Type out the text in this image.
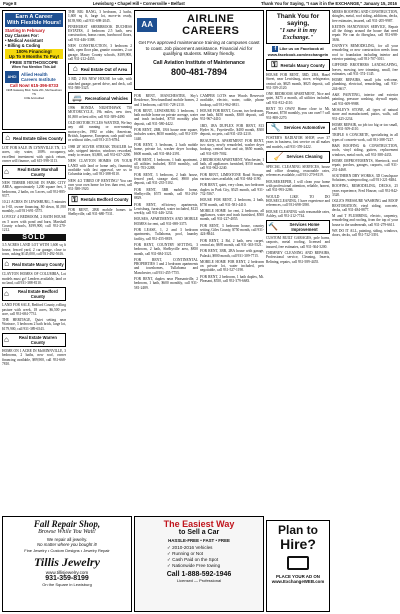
Page 8	Lewisburg • Chapel Hill • Cornersville • Belfast	Thank You for Saying, "I saw it in the EXCHANGE," January 15, 2016
Earn A Career
With Flexible Hours!
Starting In February
Day Classes For:
• Medical Assistant
• Billing & Coding
100% Financing!
Up To 9 Months To Pay!
FREE STETHOSCOPE
When You Mention This Ad!
AHCI Allied Health
Careers Institute
Call Now! 615-396-8733
1908 Gateway Blvd. Suite 201, Murfreesboro TN
COE Accredited
⌂ Real Estate Giles County

LOT FOR SALE IN LYNNVILLE TN, 1.3 acres, city water, 100% occupancy, excellent investment with quick return, owner will finance, call 615-598-3113.

⌂	Real Estate Marshall County

NEW TIMBER HOUSE IN PARK CITY AREA, approximately 1,200 square feet, 3 bedrooms, 2 baths, on 3 acres, call 931-885-9377.

10.21 ACRES IN LEWISBURG, 5 minutes to I-65, owner financing, $0 down, $1,950 monthly, call 931-691-3575.

LOVELY 4 BEDROOM, 2 BATH HOUSE on 5 acres with pond and barn, Marshall County schools, $199,900, call 931-270-1212.

SOLD

3.5 ACRES LAND LOT WITH 1,600 sq ft house, fenced yard, 2 car garage, close to town, asking $145,000, call 931-492-5616.

⌂ Real Estate Maury County

CLAYTON HOMES OF COLUMBIA, Lot models must go! Lenders available, land or no land, call 931-388-8110.

⌂	Real Estate Bedford County

LAND FOR SALE, Bedford County, rolling pasture with creek, 18 acres, $6,500 per acre, call 931-684-7731.

THE HERITAGE, Quiet setting near Wartrace, 3 bedroom 2 bath brick, large lot, $179,900, call 931-389-6543.

⌂	Real Estate Warren County

HOME ON 1 ACRE IN McMINNVILLE, 3 bedrooms, 2 baths, new roof, owner financing available, $89,900, call 931-668-7810.

THE BIG BANG, 3 bedroom, 2 baths, 1,600 sq ft, large lot, move-in ready, $139,900, call 931-698-2045.

PINEHURST SHERBROOK DUCHESS ESTATES, 4 bedroom 2.5 bath, new construction, bonus room, hardwood floors, call 931-446-3388.

NEW CONSTRUCTION, 3 bedroom 2 bath, open floor plan, granite counters, 2 car garage, Maury County schools, $189,900, call 931-212-4455.

⌂ Real Estate Out of Area

3 BD, 2 BA NEW HOUSE for sale, with attached garage, paved drive, and deck, call 931-580-3325.

🚐 Recreational Vehicles

1996 HONDA NIGHTHAWK 750 MOTORCYCLE, 19k miles, new tires, $1,800 or best offer, call 931-389-4490.

OLD MOTORCYCLES WANTED, We buy any old running or non-running motorcycles, 1982 or older, American, British, Japanese, European, cash paid with or without titles, call 931-215-6784.

1988 28' SILVER STREAK TRAILER for sale, stripped interior, windows reworked, ready to restore, $3,800, call 931-637-2290.

NEW CLAYTON HOMES ON YOUR LAND with land or home only, financing available with fast approval, see us in Columbia today, call 931-388-8110.

NEW 4/2 TIRED OF RENTING? You can own your own home for less than rent, call 931-388-1920.

⚿ Rentals Bedford County

FOR RENT, 2BR mobile homes in Shelbyville, call 931-680-7531.

AA	AIRLINE CAREERS
Get FAA approved maintenance training at campuses coast to coast. Job placement assistance. Financial Aid for qualifying students. Military friendly.
Call Aviation Institute of Maintenance
800-481-7894

FOR RENT, MANCHESTER, Shy's Residence, Newfoundland mobile homes, 2 and 3 bedroom, call 931-728-2110.

FOR RENT, LEWISBURG 3 bedroom, 1 bath mobile home on private acreage, water and trash included, $750 monthly plus deposit, call 931-580-4422.

FOR RENT, 2BR, 1BA house near square, includes water, $650 monthly, call 931-359-1440.

FOR RENT, 3 bedroom, 2 bath mobile home, private lot, washer dryer hookup, $600 month, call 931-684-2391.

FOR RENT, 1 bedroom, 1 bath apartment, all utilities included, $550 monthly, call 931-703-2288.

FOR RENT, 3 bedroom, 2 bath house, fenced yard, storage shed, $900 plus deposit, call 931-235-5102.

FOR RENT, 3BR mobile home, Shelbyville, $575 month, call 931-294-8829.

FOR RENT, efficiency apartments, Lewisburg, furnished, water included, $125 weekly, call 931-446-1234.

HOUSES, APARTMENTS AND MOBILE HOMES for rent, call 931-698-3375.

FOR LEASE, 1, 2 and 3 bedroom apartments, Tullahoma, pool, laundry facility, call 931-455-8819.

FOR RENT, COUNTRY SETTING, 3 bedroom, 2 bath, Shelbyville area, $850 month, call 931-684-3321.

FOR RENT, CONTINENTAL PROPERTIES 1 and 2 bedroom apartments and townhomes, Tullahoma and Manchester, call 931-455-7755.

FOR RENT, duplex near Pleasantville, 2 bedroom, 1 bath, $600 monthly, call 931-581-2489.

CAMPER LOTS near Woods Reservoir available, electric, water, cable, phone hookup, call 931-962-0811.

HOUSE FOR RENT, Cowan, two bedroom, one bath, $450 month, $300 deposit, call 931-967-4410.

1BD, 1BA DUPLEX FOR RENT, 813 Hyder St., Fayetteville, $400 month, $300 deposit, no pets, call 931-433-2210.

BEAUTIFUL APARTMENT FOR RENT, two story, newly remodeled, washer dryer hookup, central heat and air, $650 month, call 931-639-7002.

2 BEDROOM APARTMENT, Winchester, 1 bath, all appliances furnished, $550 month, call 931-962-2240.

FOR RENT, LIMESTONE Road Storage, various sizes available, call 931-684-1190.

FOR RENT, quiet, very clean, two bedroom duplex in Park City, $525 month, call 931-732-5567.

HOUSE FOR RENT, 2 bedroom, 2 bath, $750 month, call 931-581-4410.

MOBILE HOME for rent, 2 bedroom, all appliances, water and trash furnished, $500 month, call 931-227-4055.

FOR RENT, 3 bedroom house, country setting, Giles County, $750 month, call 931-424-8844.

FOR RENT, 2 Bd, 2 bath, new carpet, central air, $695 month, call 931-363-5521.

FOR RENT, 3BR, 2BA house with garage, Pulaski, $800 month, call 931-309-7715.

MOBILE HOME FOR RENT, 2 bedroom on private lot, water included, pets negotiable, call 931-527-1190.

FOR RENT, 2 bedroom, 1 bath duplex, Mt. Pleasant, $550, call 931-379-6683.

Fall Repair Shop,
Browse While You Wait!
We repair all jewelry.
No matter where you bought it!
Fine Jewelry • Custom Designs • Jewelry Repair
Tillis Jewelry
www.tillisjewelry.com
931-359-8199
On the Square in Lewisburg
The Easiest Way
to Sell a Car
HASSLE-FREE • FAST • FREE
✓ 2010-2016 Vehicles
✓ Running or Not
✓ Cash Paid on the Spot
✓ Nationwide Free towing
Call 1-888-592-1946
Licensed — Professional
Thank You for saying,
"I saw it in my Exchange."
f Like us on Facebook at www.facebook.com/exchangetn
⚿ Rentals Maury County

HOUSE FOR RENT, 3BD, 2BA, Hazel Street, near Lewisburg, stove, refrigerator, central air, $825 month, $825 deposit, call 931-359-2120.

ONE BEDROOM APARTMENT, Nice and quiet, $475 a month, all utilities included, call 931-812-4110.

RENT TO OWN! Home close to Mt. Pleasant, $750 monthly, you can own!!! call 931-808-2270.

🔧 Services Automotive

FOSTER'S RADIATOR SHOP, over 37 years in business, fast service on all makes and models, call 931-359-2422.

🧹 Services Cleaning

SPECIAL CLEANING SERVICES, house and office cleaning, reasonable rates, references available, call 931-270-8119.

HOUSEKEEPER, I will clean your home with professional attention, reliable, honest, call 931-993-2286.

WOULD LIKE TO DO HOUSECLEANING, I have experience and references, call 931-698-3390.

HOUSE CLEANING with reasonable rates, Ashley, call 931-212-7744.

🔨	Services Home Improvement

CUSTOM BUILT GARAGES, pole barns, carports, metal roofing, licensed and insured, free estimates, call 931-364-3200.

CHIMNEY CLEANING AND REPAIRS, Professional service, Cleaning, Inserts, Relining, repairs, call 931-589-4455.

Plan to
Hire?
PLACE YOUR AD ON
www.ExchangeWEB.com

MIRES ROOFING AND CONSTRUCTION, shingles, metal, roof siding, additions, decks, free estimates, insured, call 931-205-9987.

KEITH'S HANDYMAN SERVICE, Repair all the things around the house that need repair. We can do fiberglass, call 931-698-3636.

DANNY'S REMODELING, for all your remodeling or new construction needs from roof to foundation including interior and exterior painting, call 931-707-3011.

GIFFORD BROTHERS LANDSCAPING, leaves, mowing, tree trimming, small, free estimates, call 931-374-1145.

HOME REPAIRS, small jobs welcome, plumbing, electrical, remodeling, call 931-244-6617.

A&E PAINTING, interior and exterior painting, pressure washing, drywall repair, call 931-609-9988.

MOSLEY'S STONE, all types of natural stone and manufactured, patios, walls, call 931-425-2234.

HOME REPAIR, no job too big or too small, call 931-309-4110.

TRIPLE S CONCRETE, specializing in all types of concrete work, call 931-388-7227.

B&B ROOFING & CONSTRUCTION, roofs, vinyl siding, gutters, replacement windows, metal roofs, call 931-388-4433.

HOME IMPROVEMENTS, Sheetrock, roof repair, porches, garages, carports, call 931-231-4468.

SOUTHERN DRY WORKS, 3D Crawlspace Solutions, waterproofing, call 931-221-8484.

ROOFING, REMODELING, DECKS, 25 years experience, Fred Houser, call 931-842-3320.

OGLE'S PRESSURE WASHING and ROOF RESTORATION, vinyl siding, concrete, decks, call 931-484-8877.

M and T PLUMBING, electric, carpentry, remodeling and roofing, from the top of your house to the underneath, call 931-279-6611.

WE DO IT ALL, painting, siding, windows, doors, decks, call 931-732-3391.
